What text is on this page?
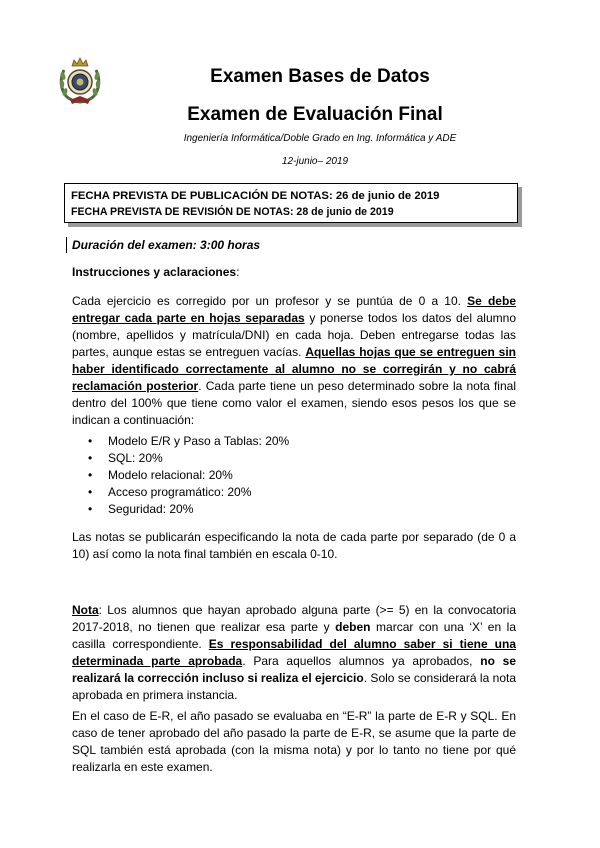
Examen Bases de Datos
Examen de Evaluación Final
Ingeniería Informática/Doble Grado en Ing. Informática y ADE
12-junio– 2019
FECHA PREVISTA DE PUBLICACIÓN DE NOTAS: 26 de junio de 2019
FECHA PREVISTA DE REVISIÓN DE NOTAS: 28 de junio de 2019
Duración del examen: 3:00 horas
Instrucciones y aclaraciones:
Cada ejercicio es corregido por un profesor y se puntúa de 0 a 10. Se debe entregar cada parte en hojas separadas y ponerse todos los datos del alumno (nombre, apellidos y matrícula/DNI) en cada hoja. Deben entregarse todas las partes, aunque estas se entreguen vacías. Aquellas hojas que se entreguen sin haber identificado correctamente al alumno no se corregirán y no cabrá reclamación posterior. Cada parte tiene un peso determinado sobre la nota final dentro del 100% que tiene como valor el examen, siendo esos pesos los que se indican a continuación:
• Modelo E/R y Paso a Tablas: 20%
• SQL: 20%
• Modelo relacional: 20%
• Acceso programático: 20%
• Seguridad: 20%
Las notas se publicarán especificando la nota de cada parte por separado (de 0 a 10) así como la nota final también en escala 0-10.
Nota: Los alumnos que hayan aprobado alguna parte (>= 5) en la convocatoria 2017-2018, no tienen que realizar esa parte y deben marcar con una ‘X’ en la casilla correspondiente. Es responsabilidad del alumno saber si tiene una determinada parte aprobada. Para aquellos alumnos ya aprobados, no se realizará la corrección incluso si realiza el ejercicio. Solo se considerará la nota aprobada en primera instancia.
En el caso de E-R, el año pasado se evaluaba en “E-R” la parte de E-R y SQL. En caso de tener aprobado del año pasado la parte de E-R, se asume que la parte de SQL también está aprobada (con la misma nota) y por lo tanto no tiene por qué realizarla en este examen.
